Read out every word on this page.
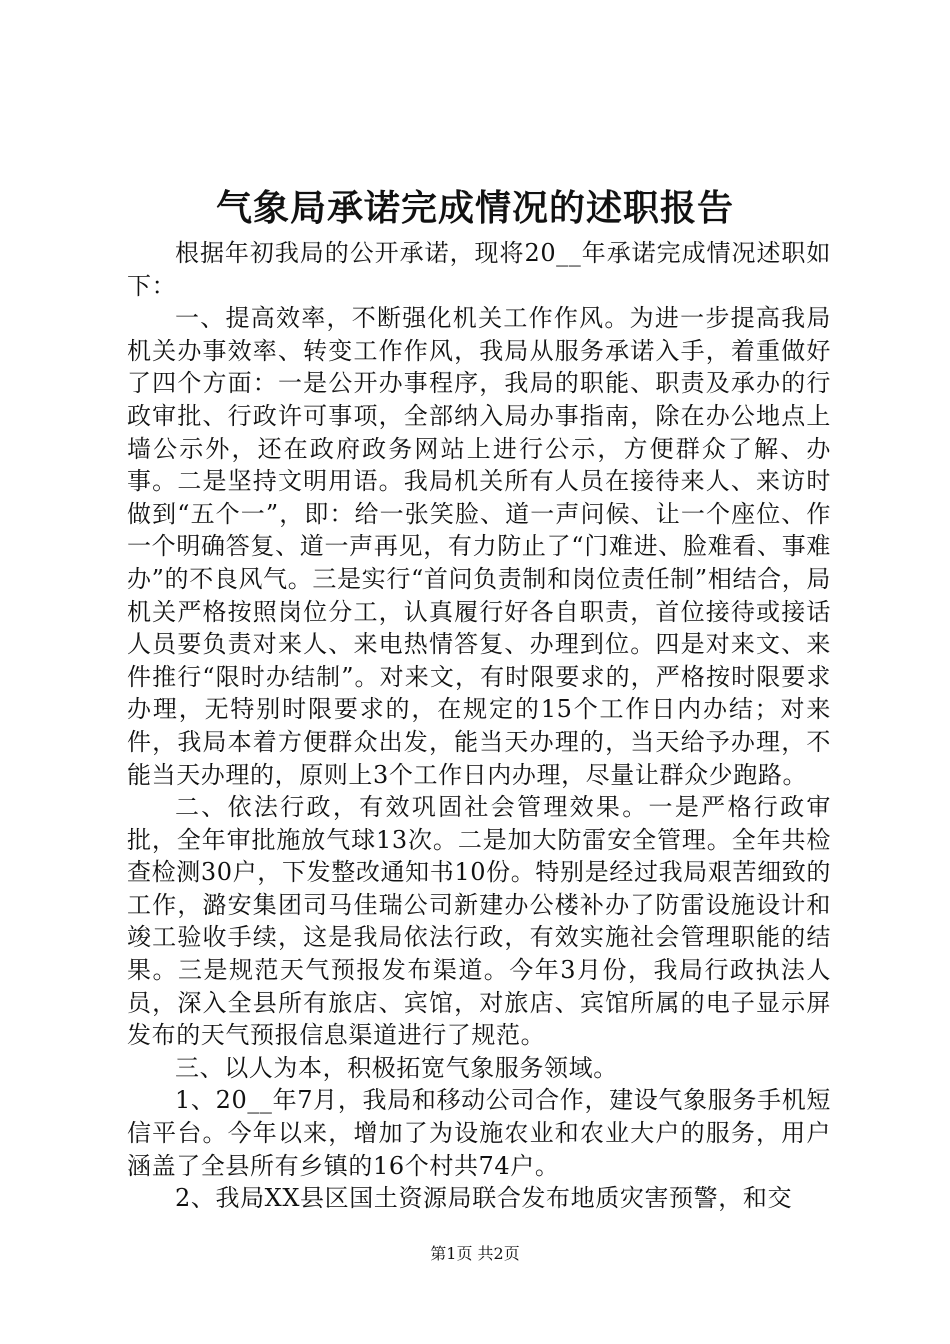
气象局承诺完成情况的述职报告

根据年初我局的公开承诺，现将20__年承诺完成情况述职如下：

一、提高效率，不断强化机关工作作风。为进一步提高我局机关办事效率、转变工作作风，我局从服务承诺入手，着重做好了四个方面：一是公开办事程序，我局的职能、职责及承办的行政审批、行政许可事项，全部纳入局办事指南，除在办公地点上墙公示外，还在政府政务网站上进行公示，方便群众了解、办事。二是坚持文明用语。我局机关所有人员在接待来人、来访时做到“五个一”，即：给一张笑脸、道一声问候、让一个座位、作一个明确答复、道一声再见，有力防止了“门难进、脸难看、事难办”的不良风气。三是实行“首问负责制和岗位责任制”相结合，局机关严格按照岗位分工，认真履行好各自职责，首位接待或接话人员要负责对来人、来电热情答复、办理到位。四是对来文、来件推行“限时办结制”。对来文，有时限要求的，严格按时限要求办理，无特别时限要求的，在规定的15个工作日内办结；对来件，我局本着方便群众出发，能当天办理的，当天给予办理，不能当天办理的，原则上3个工作日内办理，尽量让群众少跑路。

二、依法行政，有效巩固社会管理效果。一是严格行政审批，全年审批施放气球13次。二是加大防雷安全管理。全年共检查检测30户，下发整改通知书10份。特别是经过我局艰苦细致的工作，潞安集团司马佳瑞公司新建办公楼补办了防雷设施设计和竣工验收手续，这是我局依法行政，有效实施社会管理职能的结果。三是规范天气预报发布渠道。今年3月份，我局行政执法人员，深入全县所有旅店、宾馆，对旅店、宾馆所属的电子显示屏发布的天气预报信息渠道进行了规范。

三、以人为本，积极拓宽气象服务领域。

1、20__年7月，我局和移动公司合作，建设气象服务手机短信平台。今年以来，增加了为设施农业和农业大户的服务，用户涵盖了全县所有乡镇的16个村共74户。

2、我局XX县区国土资源局联合发布地质灾害预警，和交

第1页 共2页
